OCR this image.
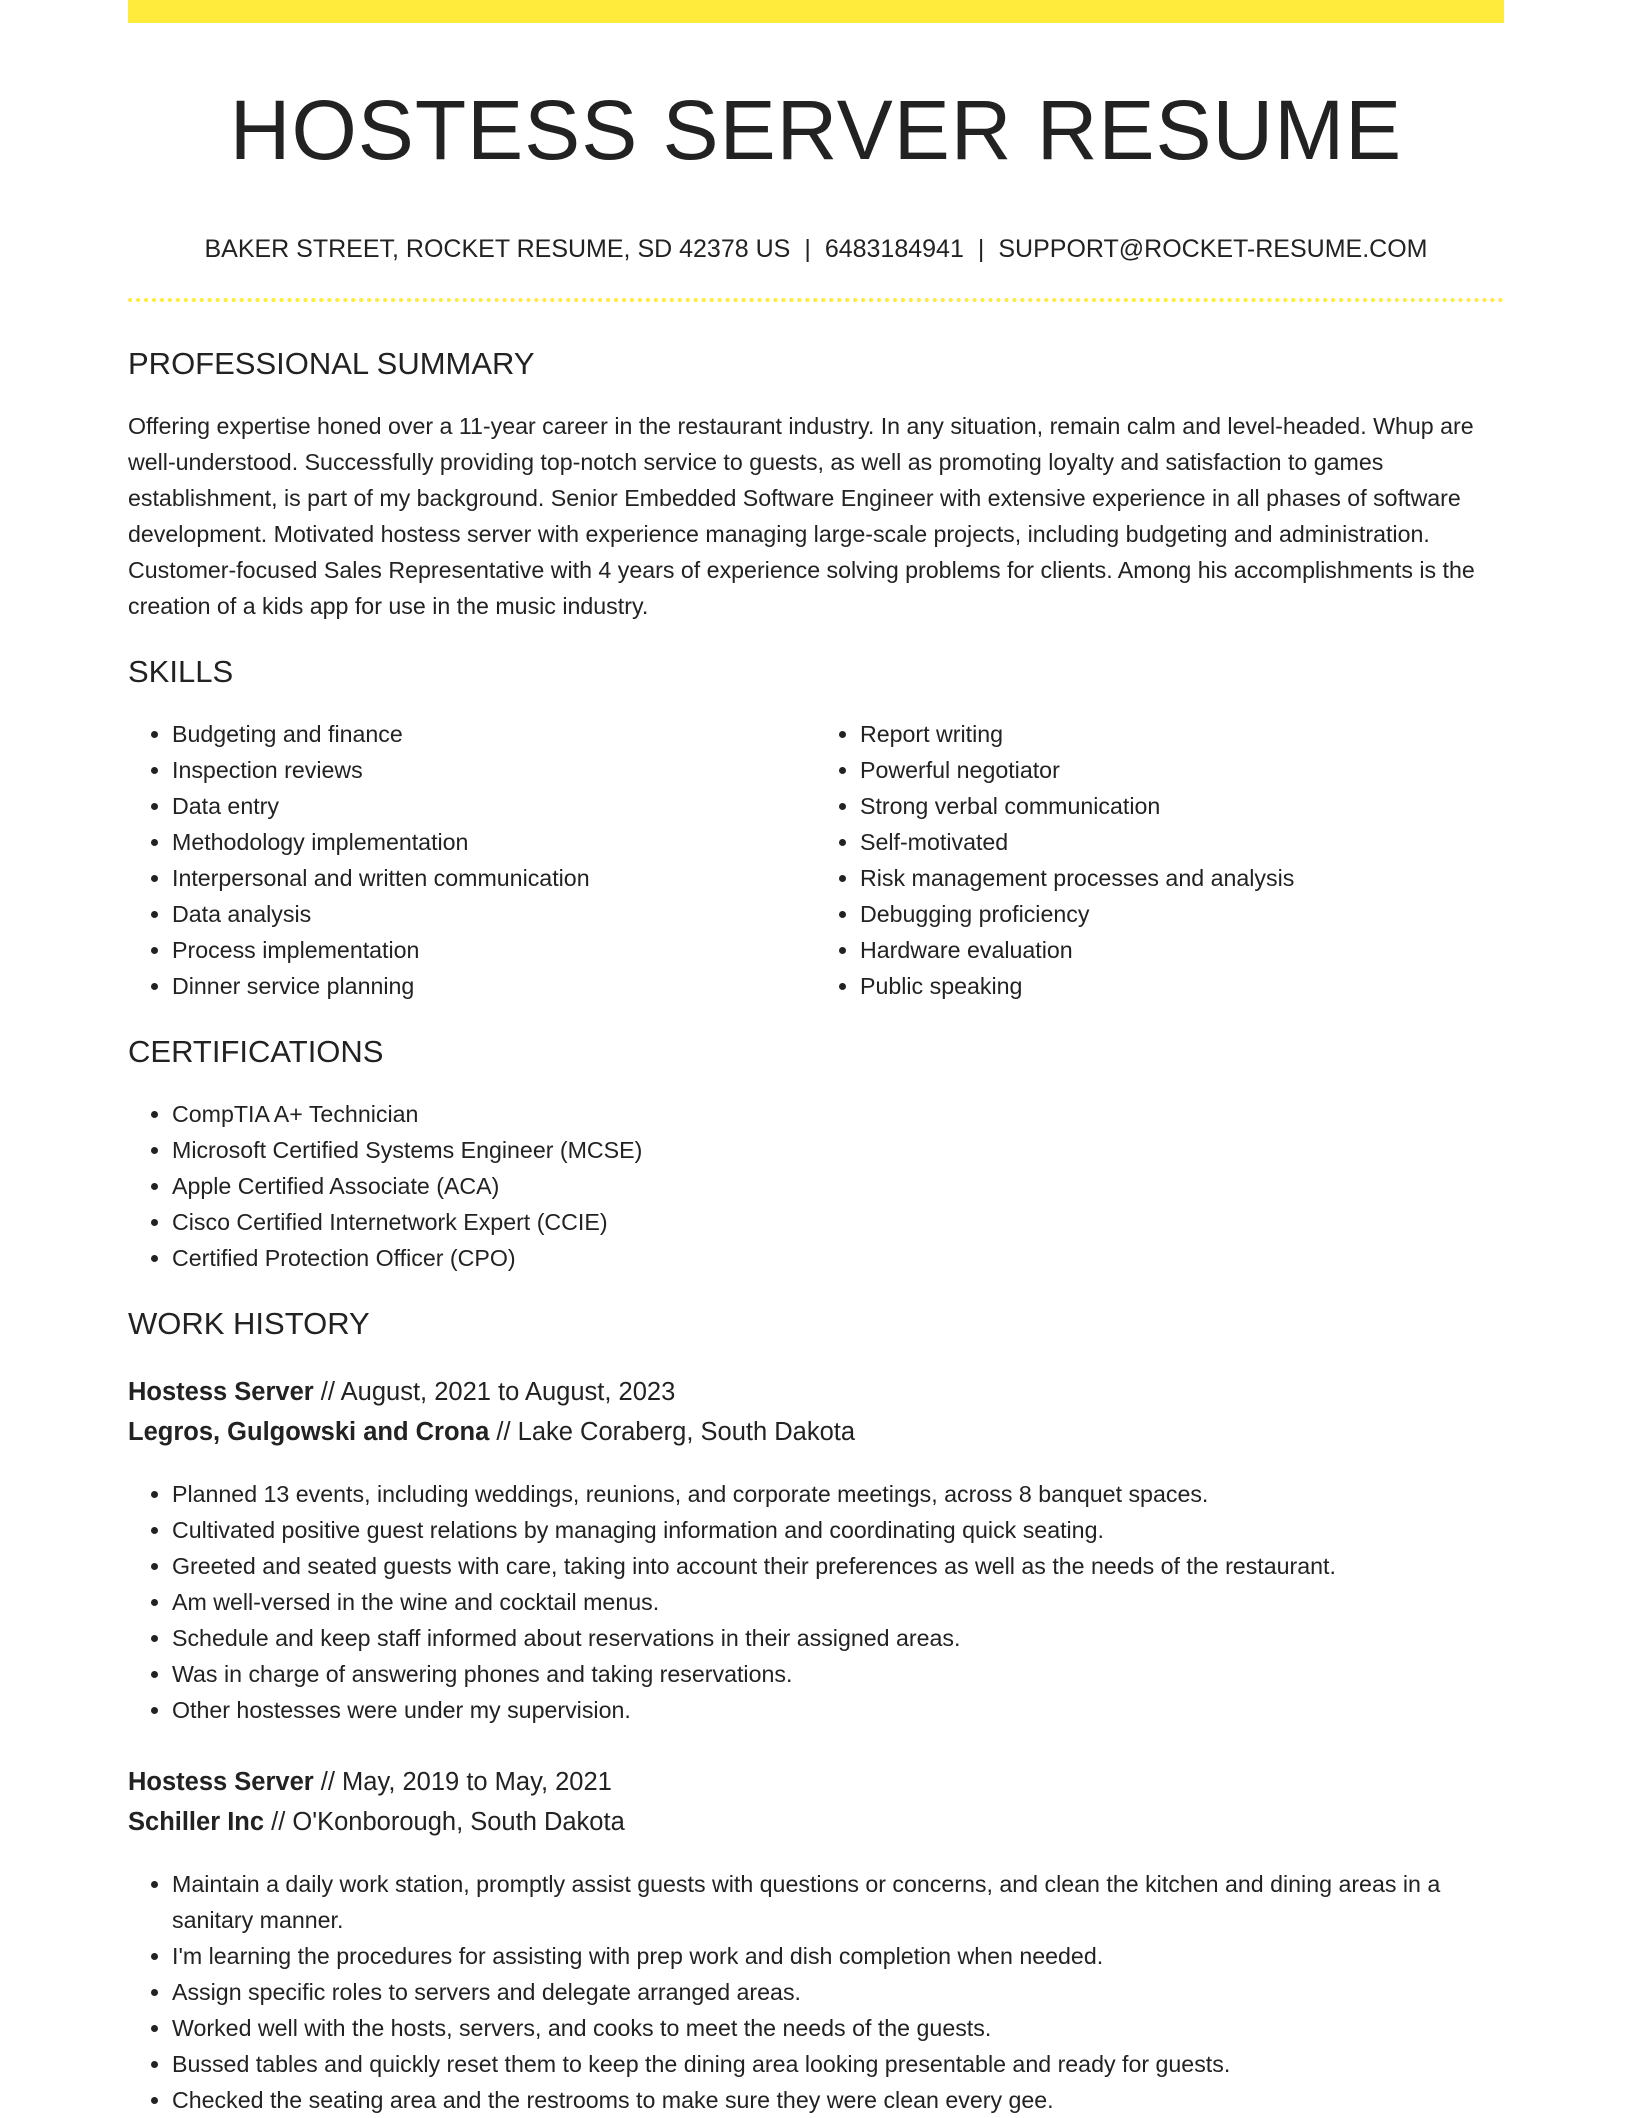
HOSTESS SERVER RESUME
BAKER STREET, ROCKET RESUME, SD 42378 US | 6483184941 | SUPPORT@ROCKET-RESUME.COM
PROFESSIONAL SUMMARY

Offering expertise honed over a 11-year career in the restaurant industry. In any situation, remain calm and level-headed. Whup are well-understood. Successfully providing top-notch service to guests, as well as promoting loyalty and satisfaction to games establishment, is part of my background. Senior Embedded Software Engineer with extensive experience in all phases of software development. Motivated hostess server with experience managing large-scale projects, including budgeting and administration. Customer-focused Sales Representative with 4 years of experience solving problems for clients. Among his accomplishments is the creation of a kids app for use in the music industry.

SKILLS
• Budgeting and finance
• Inspection reviews
• Data entry
• Methodology implementation
• Interpersonal and written communication
• Data analysis
• Process implementation
• Dinner service planning
• Report writing
• Powerful negotiator
• Strong verbal communication
• Self-motivated
• Risk management processes and analysis
• Debugging proficiency
• Hardware evaluation
• Public speaking
CERTIFICATIONS
• CompTIA A+ Technician
• Microsoft Certified Systems Engineer (MCSE)
• Apple Certified Associate (ACA)
• Cisco Certified Internetwork Expert (CCIE)
• Certified Protection Officer (CPO)
WORK HISTORY
Hostess Server // August, 2021 to August, 2023
Legros, Gulgowski and Crona // Lake Coraberg, South Dakota
• Planned 13 events, including weddings, reunions, and corporate meetings, across 8 banquet spaces.
• Cultivated positive guest relations by managing information and coordinating quick seating.
• Greeted and seated guests with care, taking into account their preferences as well as the needs of the restaurant.
• Am well-versed in the wine and cocktail menus.
• Schedule and keep staff informed about reservations in their assigned areas.
• Was in charge of answering phones and taking reservations.
• Other hostesses were under my supervision.
Hostess Server // May, 2019 to May, 2021
Schiller Inc // O'Konborough, South Dakota
• Maintain a daily work station, promptly assist guests with questions or concerns, and clean the kitchen and dining areas in a sanitary manner.
• I'm learning the procedures for assisting with prep work and dish completion when needed.
• Assign specific roles to servers and delegate arranged areas.
• Worked well with the hosts, servers, and cooks to meet the needs of the guests.
• Bussed tables and quickly reset them to keep the dining area looking presentable and ready for guests.
• Checked the seating area and the restrooms to make sure they were clean every gee.
